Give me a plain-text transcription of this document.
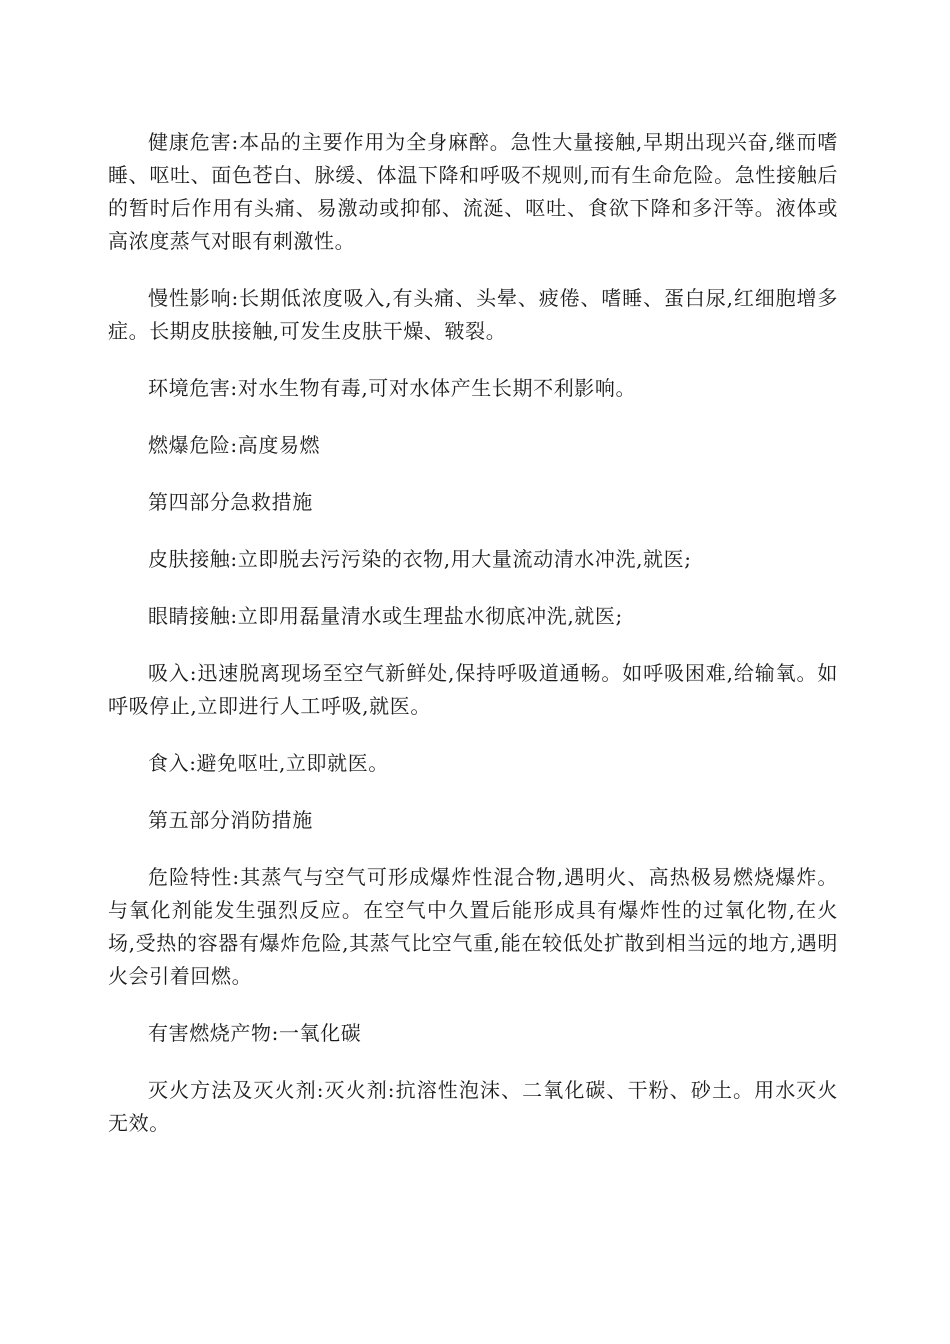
健康危害:本品的主要作用为全身麻醉。急性大量接触,早期出现兴奋,继而嗜睡、呕吐、面色苍白、脉缓、体温下降和呼吸不规则,而有生命危险。急性接触后的暂时后作用有头痛、易激动或抑郁、流涎、呕吐、食欲下降和多汗等。液体或高浓度蒸气对眼有刺激性。

慢性影响:长期低浓度吸入,有头痛、头晕、疲倦、嗜睡、蛋白尿,红细胞增多症。长期皮肤接触,可发生皮肤干燥、皲裂。

环境危害:对水生物有毒,可对水体产生长期不利影响。

燃爆危险:高度易燃

第四部分急救措施

皮肤接触:立即脱去污污染的衣物,用大量流动清水冲洗,就医;

眼睛接触:立即用磊量清水或生理盐水彻底冲洗,就医;

吸入:迅速脱离现场至空气新鲜处,保持呼吸道通畅。如呼吸困难,给输氧。如呼吸停止,立即进行人工呼吸,就医。

食入:避免呕吐,立即就医。

第五部分消防措施

危险特性:其蒸气与空气可形成爆炸性混合物,遇明火、高热极易燃烧爆炸。与氧化剂能发生强烈反应。在空气中久置后能形成具有爆炸性的过氧化物,在火场,受热的容器有爆炸危险,其蒸气比空气重,能在较低处扩散到相当远的地方,遇明火会引着回燃。

有害燃烧产物:一氧化碳

灭火方法及灭火剂:灭火剂:抗溶性泡沫、二氧化碳、干粉、砂土。用水灭火无效。
